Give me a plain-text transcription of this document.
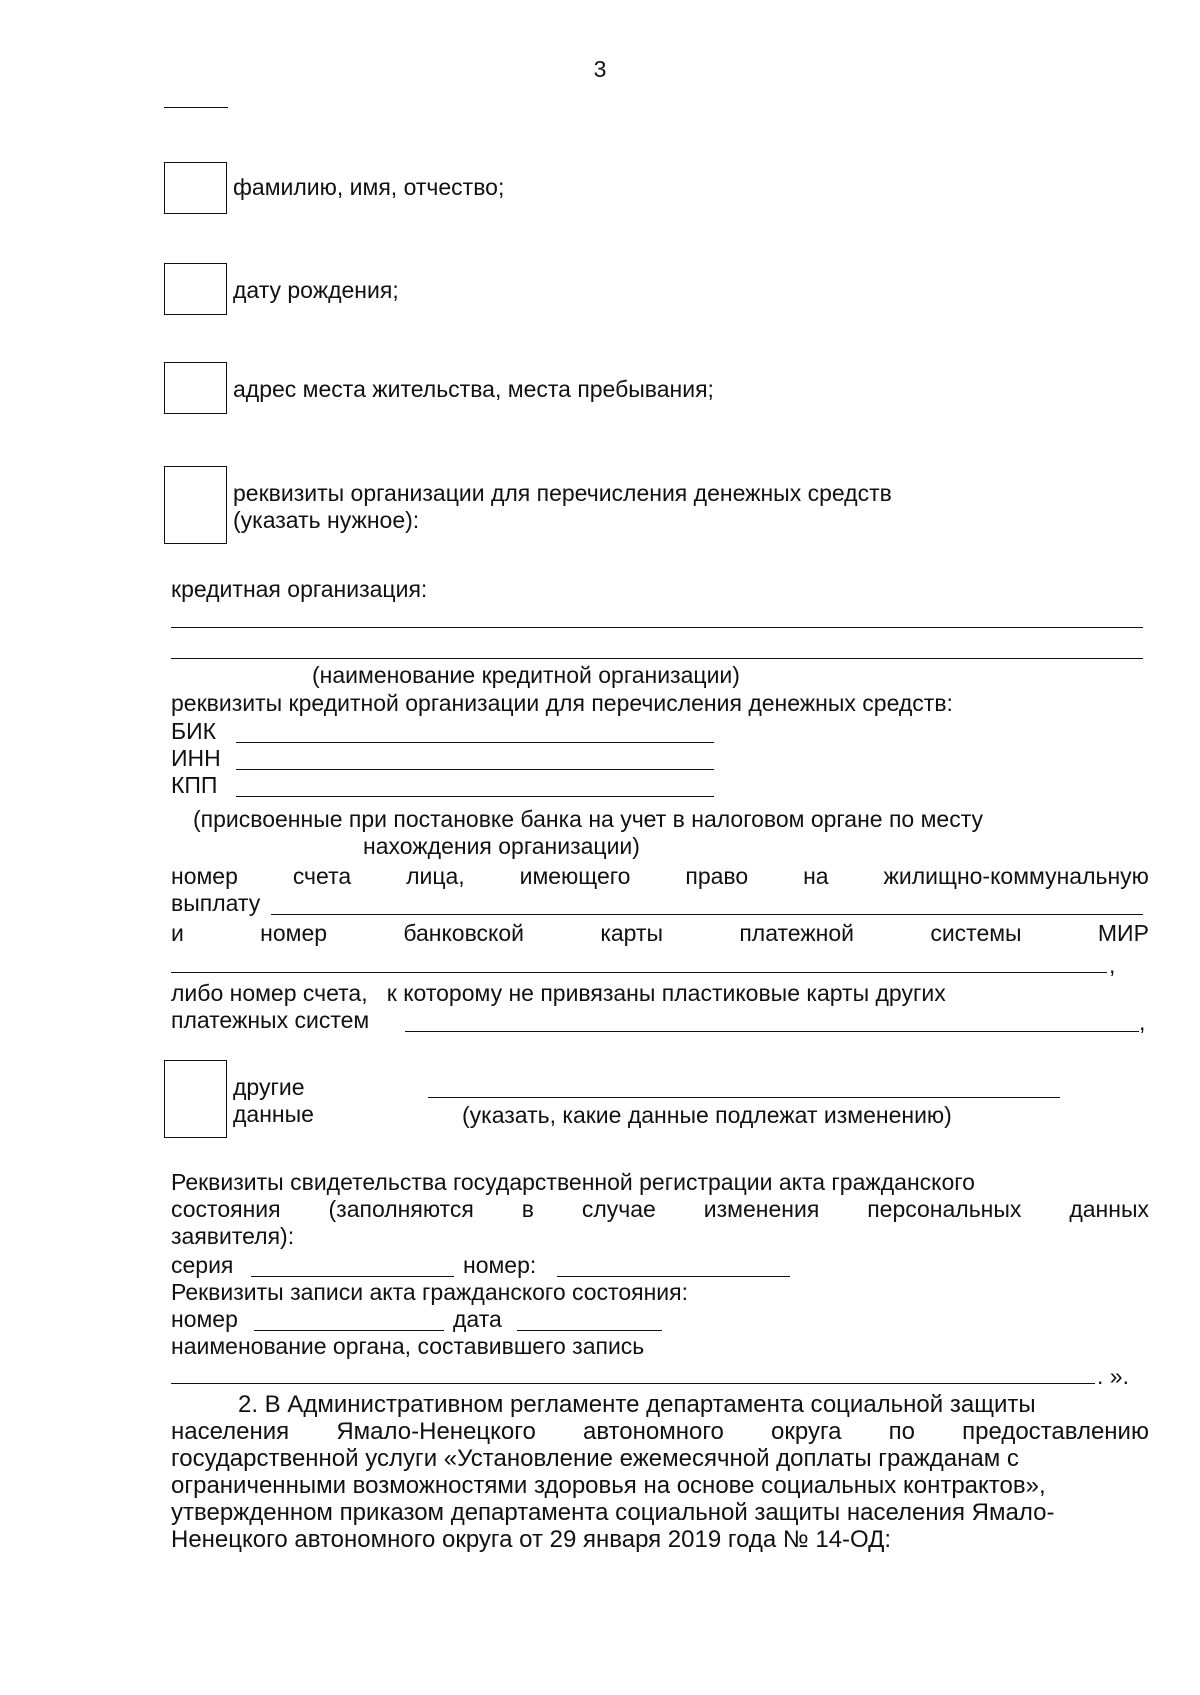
3
фамилию, имя, отчество;
дату рождения;
адрес места жительства, места пребывания;
реквизиты организации для перечисления денежных средств
(указать нужное):
кредитная организация:
(наименование кредитной организации)
реквизиты кредитной организации для перечисления денежных средств:
БИК
ИНН
КПП
(присвоенные при постановке банка на учет в налоговом органе по месту
нахождения организации)
номер счета лица, имеющего право на жилищно-коммунальную
выплату
и	номер	банковской	карты	платежной	системы	МИР
,
либо номер счета,   к которому не привязаны пластиковые карты других
платежных систем	,
другие
данные	(указать, какие данные подлежат изменению)
Реквизиты свидетельства государственной регистрации акта гражданского
состояния (заполняются в случае изменения персональных данных
заявителя):
серия	номер:
Реквизиты записи акта гражданского состояния:
номер	дата
наименование органа, составившего запись
. ».
2. В Административном регламенте департамента социальной защиты
населения Ямало-Ненецкого автономного округа по предоставлению
государственной услуги «Установление ежемесячной доплаты гражданам с
ограниченными возможностями здоровья на основе социальных контрактов»,
утвержденном приказом департамента социальной защиты населения Ямало-
Ненецкого автономного округа от 29 января 2019 года № 14-ОД:
